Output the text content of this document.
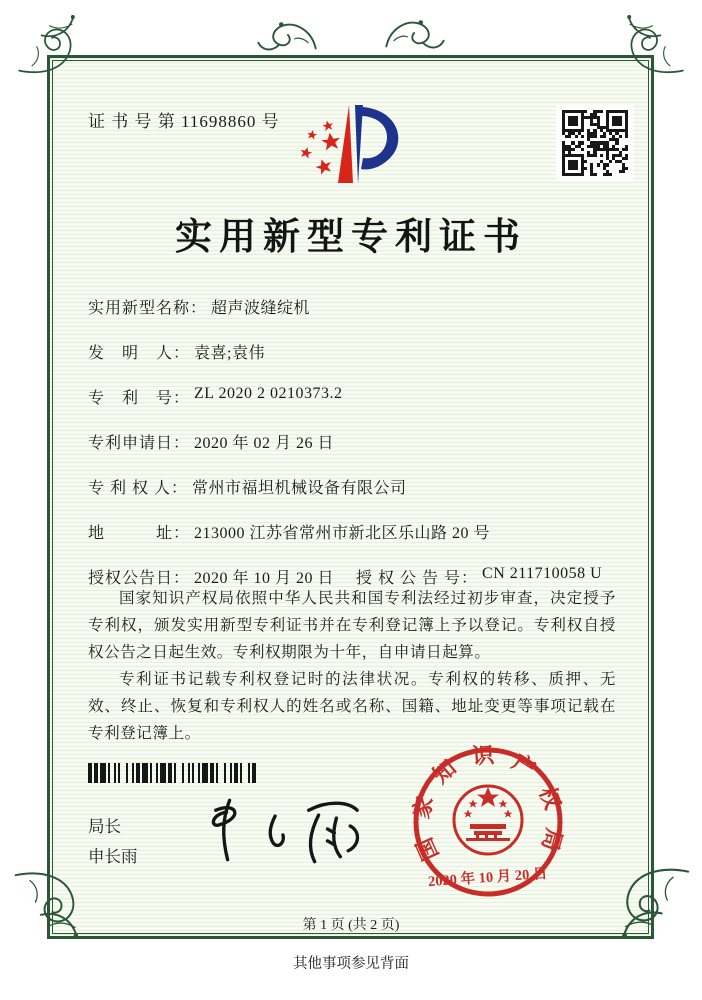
证 书 号 第 11698860 号
实用新型专利证书
实用新型名称： 超声波缝绽机
发　明　人： 袁喜;袁伟
专　利　号： ZL 2020 2 0210373.2
专利申请日： 2020 年 02 月 26 日
专 利 权 人： 常州市福坦机械设备有限公司
地　　　址： 213000 江苏省常州市新北区乐山路 20 号
授权公告日： 2020 年 10 月 20 日 授 权 公 告 号： CN 211710058 U

国家知识产权局依照中华人民共和国专利法经过初步审查，决定授予专利权，颁发实用新型专利证书并在专利登记簿上予以登记。专利权自授权公告之日起生效。专利权期限为十年，自申请日起算。

专利证书记载专利权登记时的法律状况。专利权的转移、质押、无效、终止、恢复和专利权人的姓名或名称、国籍、地址变更等事项记载在专利登记簿上。

局长
申长雨	国家知识产权局
2020 年 10 月 20 日
第 1 页 (共 2 页)
其他事项参见背面
